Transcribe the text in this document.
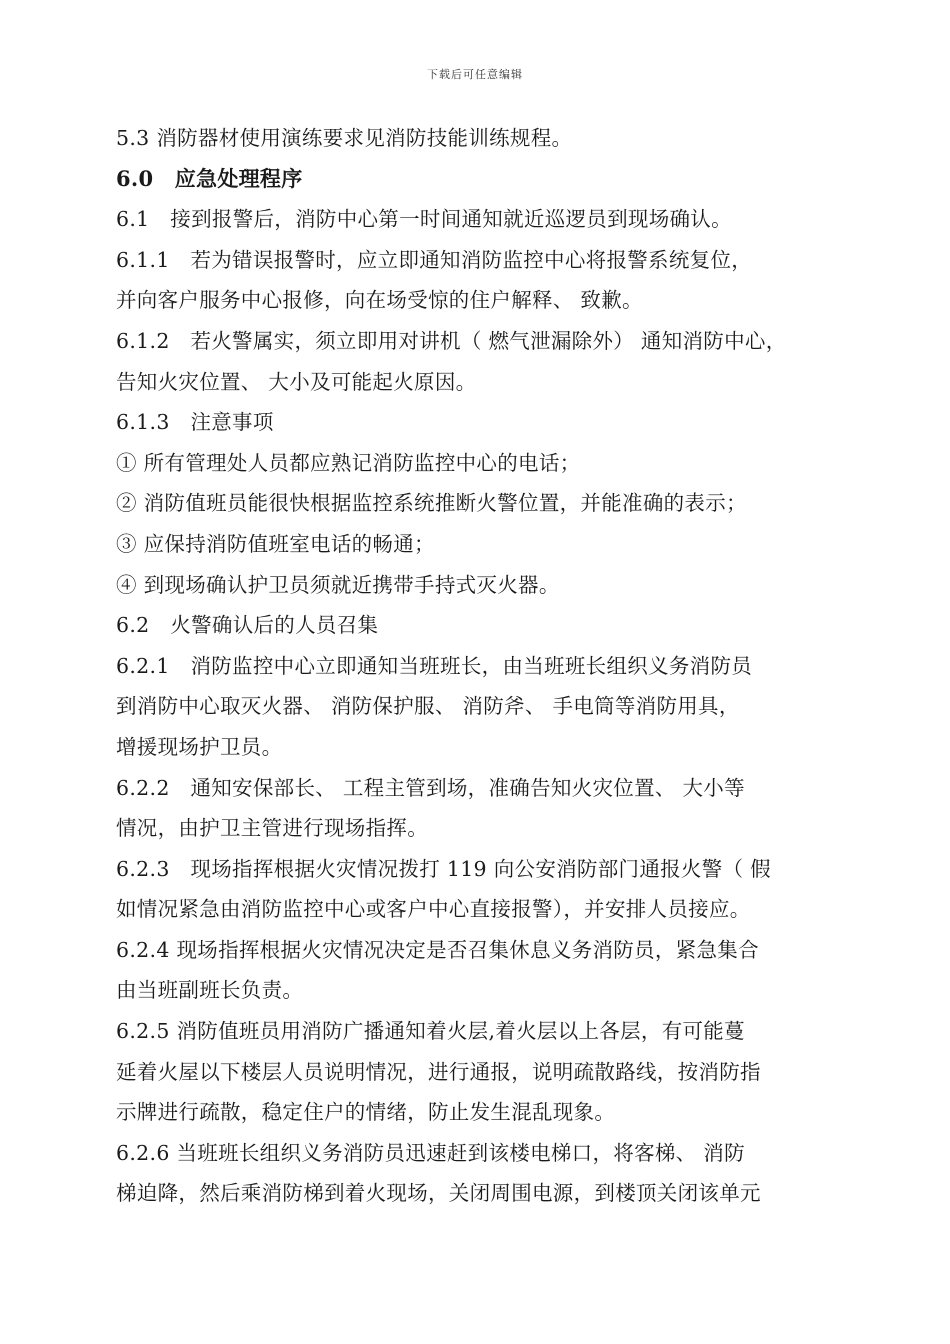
下载后可任意编辑
5.3 消防器材使用演练要求见消防技能训练规程。
6.0　应急处理程序
6.1　接到报警后，消防中心第一时间通知就近巡逻员到现场确认。
6.1.1　若为错误报警时，应立即通知消防监控中心将报警系统复位，
并向客户服务中心报修，向在场受惊的住户解释、 致歉。
6.1.2　若火警属实，须立即用对讲机（ 燃气泄漏除外） 通知消防中心，
告知火灾位置、 大小及可能起火原因。
6.1.3　注意事项
① 所有管理处人员都应熟记消防监控中心的电话；
② 消防值班员能很快根据监控系统推断火警位置，并能准确的表示；
③ 应保持消防值班室电话的畅通；
④ 到现场确认护卫员须就近携带手持式灭火器。
6.2　火警确认后的人员召集
6.2.1　消防监控中心立即通知当班班长，由当班班长组织义务消防员
到消防中心取灭火器、 消防保护服、 消防斧、 手电筒等消防用具，
增援现场护卫员。
6.2.2　通知安保部长、 工程主管到场，准确告知火灾位置、 大小等
情况，由护卫主管进行现场指挥。
6.2.3　现场指挥根据火灾情况拨打 119 向公安消防部门通报火警（ 假
如情况紧急由消防监控中心或客户中心直接报警），并安排人员接应。
6.2.4 现场指挥根据火灾情况决定是否召集休息义务消防员，紧急集合
由当班副班长负责。
6.2.5 消防值班员用消防广播通知着火层,着火层以上各层，有可能蔓
延着火屋以下楼层人员说明情况，进行通报，说明疏散路线，按消防指
示牌进行疏散，稳定住户的情绪，防止发生混乱现象。
6.2.6 当班班长组织义务消防员迅速赶到该楼电梯口，将客梯、 消防
梯迫降，然后乘消防梯到着火现场，关闭周围电源，到楼顶关闭该单元
